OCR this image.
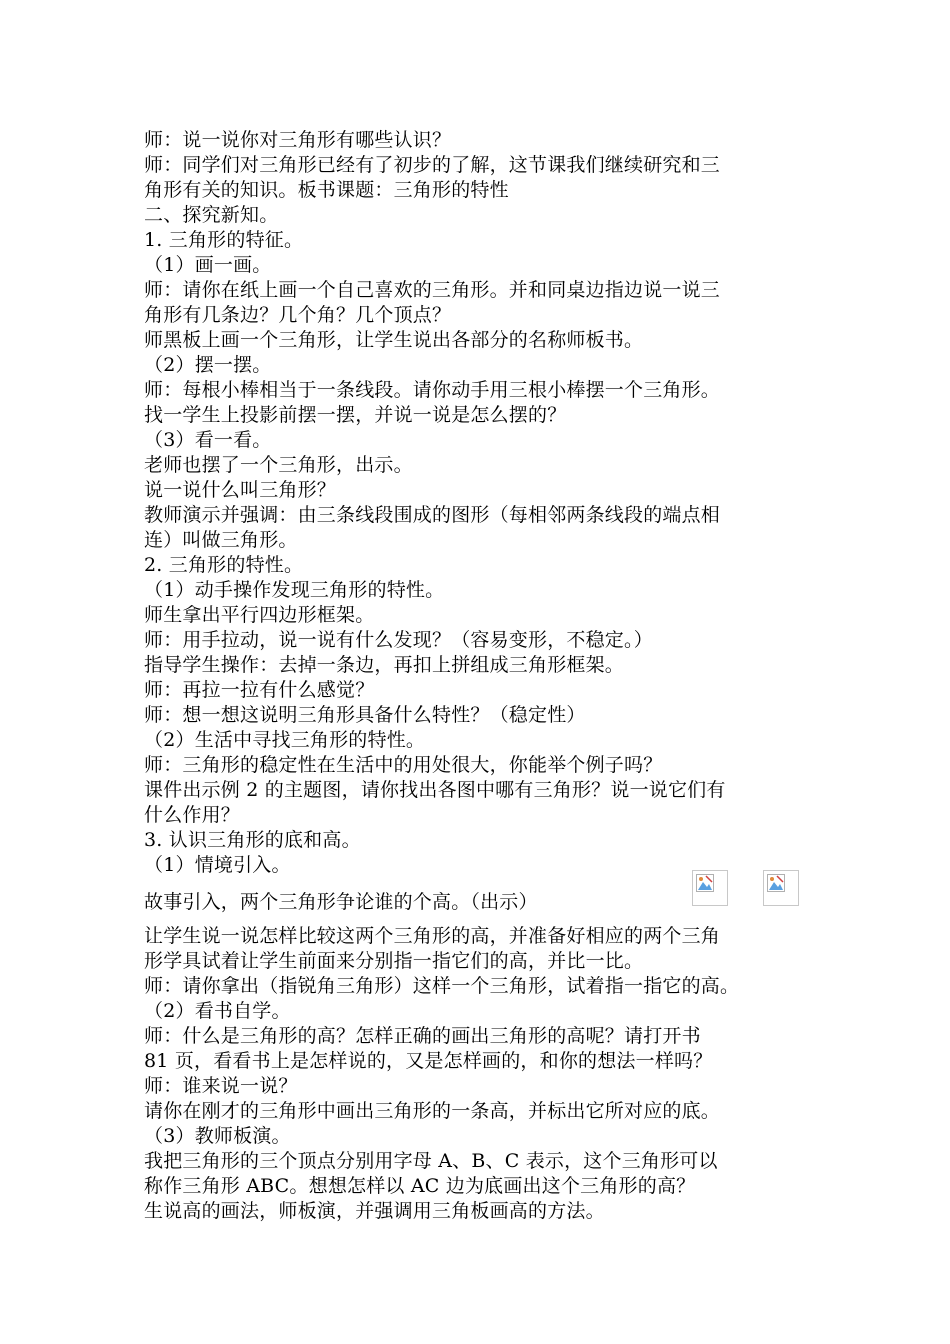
师：说一说你对三角形有哪些认识？
师：同学们对三角形已经有了初步的了解，这节课我们继续研究和三
角形有关的知识。板书课题：三角形的特性
二、探究新知。
1. 三角形的特征。
（1）画一画。
师：请你在纸上画一个自己喜欢的三角形。并和同桌边指边说一说三
角形有几条边？几个角？几个顶点？
师黑板上画一个三角形，让学生说出各部分的名称师板书。
（2）摆一摆。
师：每根小棒相当于一条线段。请你动手用三根小棒摆一个三角形。
找一学生上投影前摆一摆，并说一说是怎么摆的？
（3）看一看。
老师也摆了一个三角形，出示。
说一说什么叫三角形？
教师演示并强调：由三条线段围成的图形（每相邻两条线段的端点相
连）叫做三角形。
2. 三角形的特性。
（1）动手操作发现三角形的特性。
师生拿出平行四边形框架。
师：用手拉动，说一说有什么发现？（容易变形，不稳定。）
指导学生操作：去掉一条边，再扣上拼组成三角形框架。
师：再拉一拉有什么感觉？
师：想一想这说明三角形具备什么特性？（稳定性）
（2）生活中寻找三角形的特性。
师：三角形的稳定性在生活中的用处很大，你能举个例子吗？
课件出示例 2 的主题图，请你找出各图中哪有三角形？说一说它们有
什么作用？
3. 认识三角形的底和高。
（1）情境引入。
故事引入，两个三角形争论谁的个高。（出示）
让学生说一说怎样比较这两个三角形的高，并准备好相应的两个三角
形学具试着让学生前面来分别指一指它们的高，并比一比。
师：请你拿出（指锐角三角形）这样一个三角形，试着指一指它的高。
（2）看书自学。
师：什么是三角形的高？怎样正确的画出三角形的高呢？请打开书
81 页，看看书上是怎样说的，又是怎样画的，和你的想法一样吗？
师：谁来说一说？
请你在刚才的三角形中画出三角形的一条高，并标出它所对应的底。
（3）教师板演。
我把三角形的三个顶点分别用字母 A、B、C 表示，这个三角形可以
称作三角形 ABC。想想怎样以 AC 边为底画出这个三角形的高？
生说高的画法，师板演，并强调用三角板画高的方法。
